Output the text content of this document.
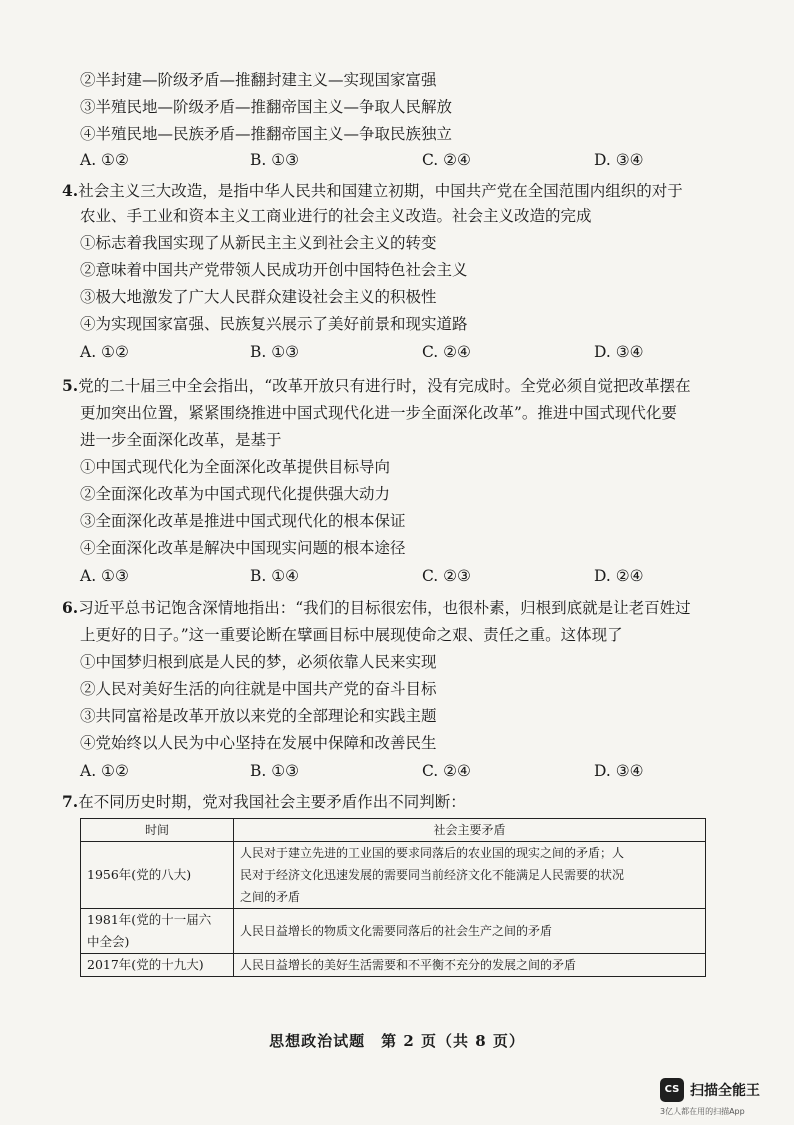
②半封建—阶级矛盾—推翻封建主义—实现国家富强
③半殖民地—阶级矛盾—推翻帝国主义—争取人民解放
④半殖民地—民族矛盾—推翻帝国主义—争取民族独立
A. ①②	B. ①③	C. ②④	D. ③④
4.社会主义三大改造，是指中华人民共和国建立初期，中国共产党在全国范围内组织的对于
农业、手工业和资本主义工商业进行的社会主义改造。社会主义改造的完成
①标志着我国实现了从新民主主义到社会主义的转变
②意味着中国共产党带领人民成功开创中国特色社会主义
③极大地激发了广大人民群众建设社会主义的积极性
④为实现国家富强、民族复兴展示了美好前景和现实道路
A. ①②	B. ①③	C. ②④	D. ③④
5.党的二十届三中全会指出，“改革开放只有进行时，没有完成时。全党必须自觉把改革摆在
更加突出位置，紧紧围绕推进中国式现代化进一步全面深化改革”。推进中国式现代化要
进一步全面深化改革，是基于
①中国式现代化为全面深化改革提供目标导向
②全面深化改革为中国式现代化提供强大动力
③全面深化改革是推进中国式现代化的根本保证
④全面深化改革是解决中国现实问题的根本途径
A. ①③	B. ①④	C. ②③	D. ②④
6.习近平总书记饱含深情地指出：“我们的目标很宏伟，也很朴素，归根到底就是让老百姓过
上更好的日子。”这一重要论断在擘画目标中展现使命之艰、责任之重。这体现了
①中国梦归根到底是人民的梦，必须依靠人民来实现
②人民对美好生活的向往就是中国共产党的奋斗目标
③共同富裕是改革开放以来党的全部理论和实践主题
④党始终以人民为中心坚持在发展中保障和改善民生
A. ①②	B. ①③	C. ②④	D. ③④
7.在不同历史时期，党对我国社会主要矛盾作出不同判断：
时间	社会主要矛盾
1956年(党的八大)	人民对于建立先进的工业国的要求同落后的农业国的现实之间的矛盾；人
民对于经济文化迅速发展的需要同当前经济文化不能满足人民需要的状况
之间的矛盾

1981年(党的十一届六
中全会)	人民日益增长的物质文化需要同落后的社会生产之间的矛盾
2017年(党的十九大)	人民日益增长的美好生活需要和不平衡不充分的发展之间的矛盾
思想政治试题　第 2 页（共 8 页）
CS 扫描全能王
3亿人都在用的扫描App
